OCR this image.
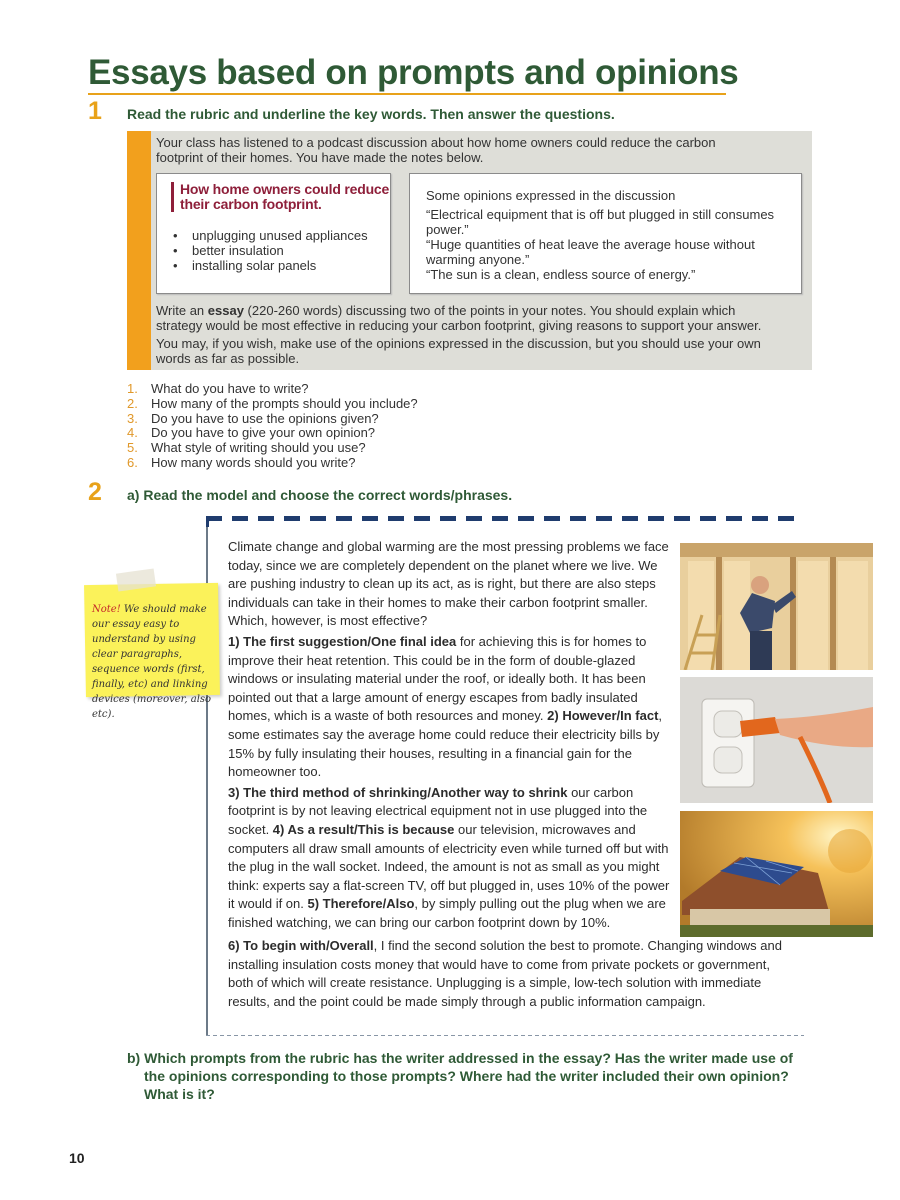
Essays based on prompts and opinions
1 Read the rubric and underline the key words. Then answer the questions.
Your class has listened to a podcast discussion about how home owners could reduce the carbon
footprint of their homes. You have made the notes below.
How home owners could reduce
their carbon footprint.
• unplugging unused appliances
• better insulation
• installing solar panels
Some opinions expressed in the discussion
“Electrical equipment that is off but plugged in still consumes
power.”
“Huge quantities of heat leave the average house without
warming anyone.”
“The sun is a clean, endless source of energy.”
Write an essay (220-260 words) discussing two of the points in your notes. You should explain which
strategy would be most effective in reducing your carbon footprint, giving reasons to support your answer.
You may, if you wish, make use of the opinions expressed in the discussion, but you should use your own
words as far as possible.
1. What do you have to write?
2. How many of the prompts should you include?
3. Do you have to use the opinions given?
4. Do you have to give your own opinion?
5. What style of writing should you use?
6. How many words should you write?
2 a) Read the model and choose the correct words/phrases.
Note! We should make our essay easy to understand by using clear paragraphs, sequence words (first, finally, etc) and linking devices (moreover, also etc).

Climate change and global warming are the most pressing problems we face today, since we are completely dependent on the planet where we live. We are pushing industry to clean up its act, as is right, but there are also steps individuals can take in their homes to make their carbon footprint smaller. Which, however, is most effective?

1) The first suggestion/One final idea for achieving this is for homes to improve their heat retention. This could be in the form of double-glazed windows or insulating material under the roof, or ideally both. It has been pointed out that a large amount of energy escapes from badly insulated homes, which is a waste of both resources and money. 2) However/In fact, some estimates say the average home could reduce their electricity bills by 15% by fully insulating their houses, resulting in a financial gain for the homeowner too.

3) The third method of shrinking/Another way to shrink our carbon footprint is by not leaving electrical equipment not in use plugged into the socket. 4) As a result/This is because our television, microwaves and computers all draw small amounts of electricity even while turned off but with the plug in the wall socket. Indeed, the amount is not as small as you might think: experts say a flat-screen TV, off but plugged in, uses 10% of the power it would if on. 5) Therefore/Also, by simply pulling out the plug when we are finished watching, we can bring our carbon footprint down by 10%.

6) To begin with/Overall, I find the second solution the best to promote. Changing windows and installing insulation costs money that would have to come from private pockets or government, both of which will create resistance. Unplugging is a simple, low-tech solution with immediate results, and the point could be made simply through a public information campaign.

b) Which prompts from the rubric has the writer addressed in the essay? Has the writer made use of
the opinions corresponding to those prompts? Where had the writer included their own opinion?
What is it?
10
